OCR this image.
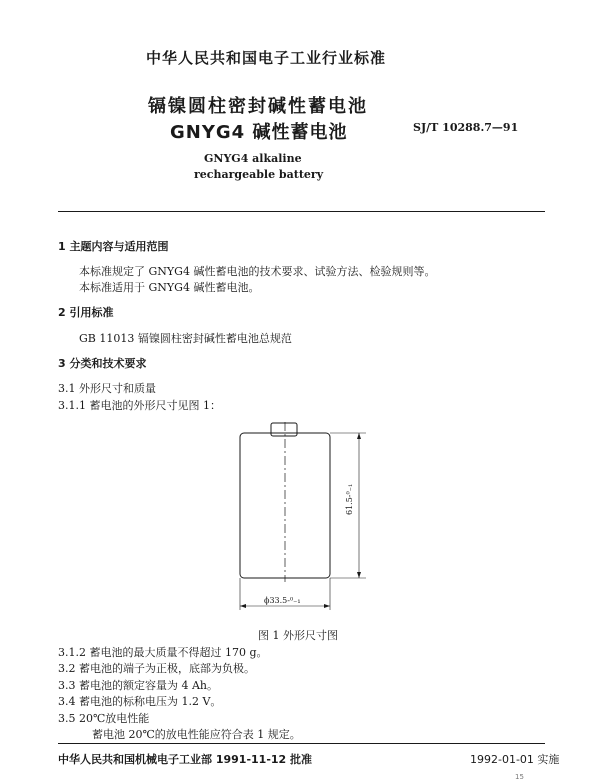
中华人民共和国电子工业行业标准
镉镍圆柱密封碱性蓄电池
GNYG4 碱性蓄电池	SJ/T 10288.7—91
GNYG4 alkaline
rechargeable battery
1 主题内容与适用范围
本标准规定了 GNYG4 碱性蓄电池的技术要求、试验方法、检验规则等。
本标准适用于 GNYG4 碱性蓄电池。
2 引用标准
GB 11013 镉镍圆柱密封碱性蓄电池总规范
3 分类和技术要求
3.1 外形尺寸和质量
3.1.1 蓄电池的外形尺寸见图 1：
61.5-⁰₋₁
ϕ33.5-⁰₋₁
图 1 外形尺寸图
3.1.2 蓄电池的最大质量不得超过 170 g。
3.2 蓄电池的端子为正极，底部为负极。
3.3 蓄电池的额定容量为 4 Ah。
3.4 蓄电池的标称电压为 1.2 V。
3.5 20℃放电性能
蓄电池 20℃的放电性能应符合表 1 规定。
中华人民共和国机械电子工业部 1991-11-12 批准	1992-01-01 实施
15
